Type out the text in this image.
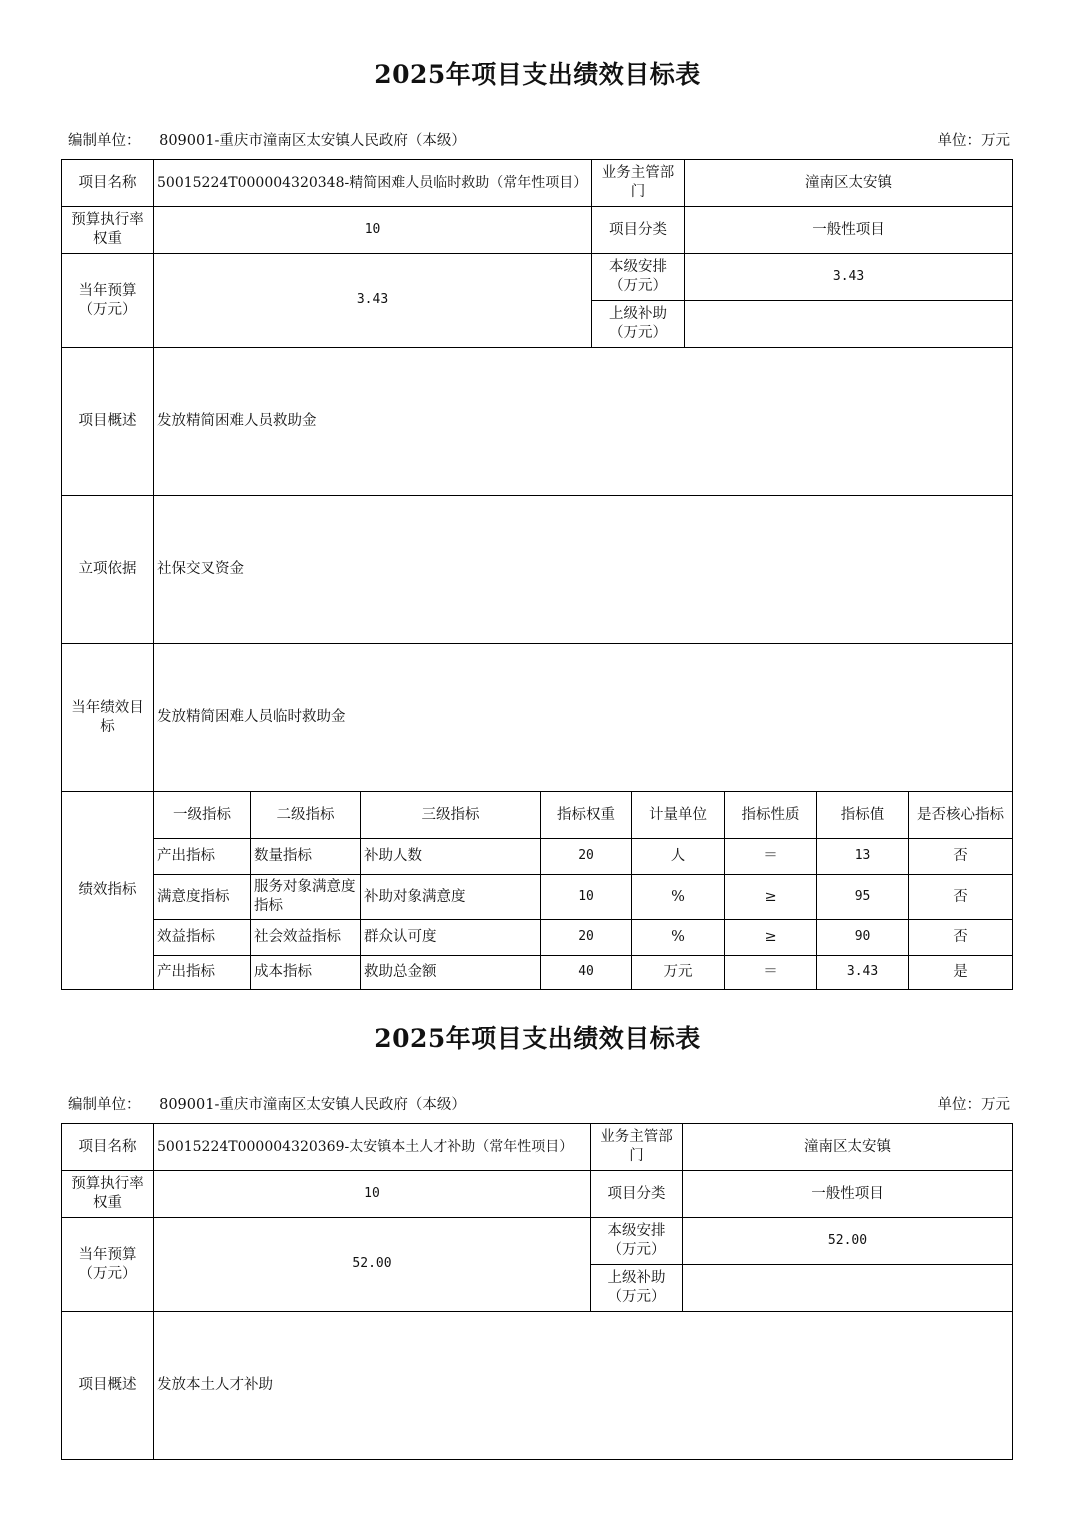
2025年项目支出绩效目标表
编制单位： 809001-重庆市潼南区太安镇人民政府（本级）	单位：万元
项目名称	50015224T000004320348-精简困难人员临时救助（常年性项目）				业务主管部门		潼南区太安镇			
预算执行率权重	10				项目分类		一般性项目			
当年预算（万元）	3.43				本级安排（万元）		3.43			
					上级补助（万元）					
项目概述	发放精简困难人员救助金									
立项依据	社保交叉资金									
当年绩效目标	发放精简困难人员临时救助金									
绩效指标	一级指标	二级指标	三级指标	指标权重		计量单位		指标性质	指标值	是否核心指标
	产出指标	数量指标	补助人数	20		人		＝	13	否
	满意度指标	服务对象满意度指标	补助对象满意度	10		%		≥	95	否
	效益指标	社会效益指标	群众认可度	20		%		≥	90	否
	产出指标	成本指标	救助总金额	40		万元		＝	3.43	是
2025年项目支出绩效目标表
编制单位： 809001-重庆市潼南区太安镇人民政府（本级）	单位：万元
项目名称	50015224T000004320369-太安镇本土人才补助（常年性项目）	业务主管部门	潼南区太安镇
预算执行率权重	10	项目分类	一般性项目
当年预算（万元）	52.00	本级安排（万元）	52.00
		上级补助（万元）	
项目概述	发放本土人才补助		
